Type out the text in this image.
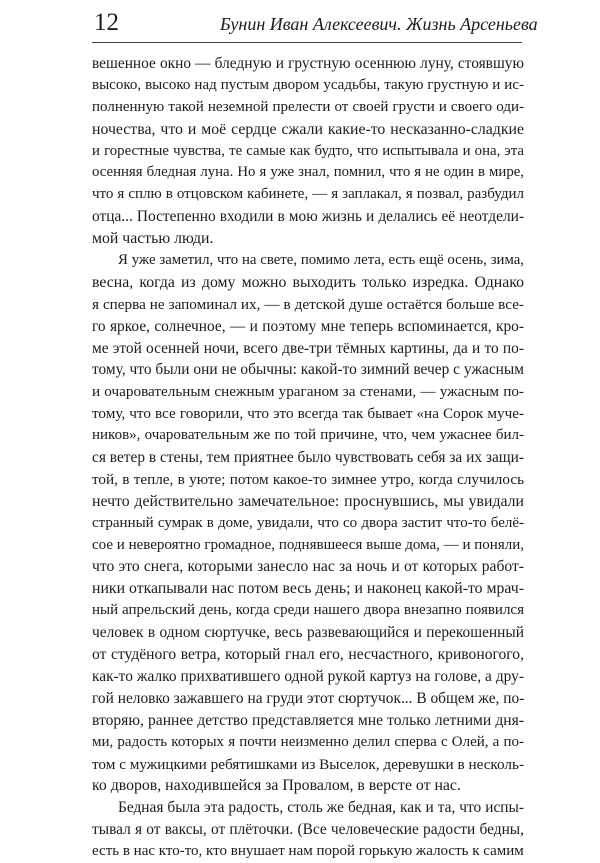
12	Бунин Иван Алексеевич. Жизнь Арсеньева
вешенное окно — бледную и грустную осеннюю луну, стоявшую
высоко, высоко над пустым двором усадьбы, такую грустную и ис-
полненную такой неземной прелести от своей грусти и своего оди-
ночества, что и моё сердце сжали какие-то несказанно-сладкие
и горестные чувства, те самые как будто, что испытывала и она, эта
осенняя бледная луна. Но я уже знал, помнил, что я не один в мире,
что я сплю в отцовском кабинете, — я заплакал, я позвал, разбудил
отца... Постепенно входили в мою жизнь и делались её неотдели-
мой частью люди.
Я уже заметил, что на свете, помимо лета, есть ещё осень, зима,
весна, когда из дому можно выходить только изредка. Однако
я сперва не запоминал их, — в детской душе остаётся больше все-
го яркое, солнечное, — и поэтому мне теперь вспоминается, кро-
ме этой осенней ночи, всего две-три тёмных картины, да и то по-
тому, что были они не обычны: какой-то зимний вечер с ужасным
и очаровательным снежным ураганом за стенами, — ужасным по-
тому, что все говорили, что это всегда так бывает «на Сорок муче-
ников», очаровательным же по той причине, что, чем ужаснее бил-
ся ветер в стены, тем приятнее было чувствовать себя за их защи-
той, в тепле, в уюте; потом какое-то зимнее утро, когда случилось
нечто действительно замечательное: проснувшись, мы увидали
странный сумрак в доме, увидали, что со двора застит что-то белё-
сое и невероятно громадное, поднявшееся выше дома, — и поняли,
что это снега, которыми занесло нас за ночь и от которых работ-
ники откапывали нас потом весь день; и наконец какой-то мрач-
ный апрельский день, когда среди нашего двора внезапно появился
человек в одном сюртучке, весь развевающийся и перекошенный
от студёного ветра, который гнал его, несчастного, кривоногого,
как-то жалко прихватившего одной рукой картуз на голове, а дру-
гой неловко зажавшего на груди этот сюртучок... В общем же, по-
вторяю, раннее детство представляется мне только летними дня-
ми, радость которых я почти неизменно делил сперва с Олей, а по-
том с мужицкими ребятишками из Выселок, деревушки в несколь-
ко дворов, находившейся за Провалом, в версте от нас.
Бедная была эта радость, столь же бедная, как и та, что испы-
тывал я от ваксы, от плёточки. (Все человеческие радости бедны,
есть в нас кто-то, кто внушает нам порой горькую жалость к самим
